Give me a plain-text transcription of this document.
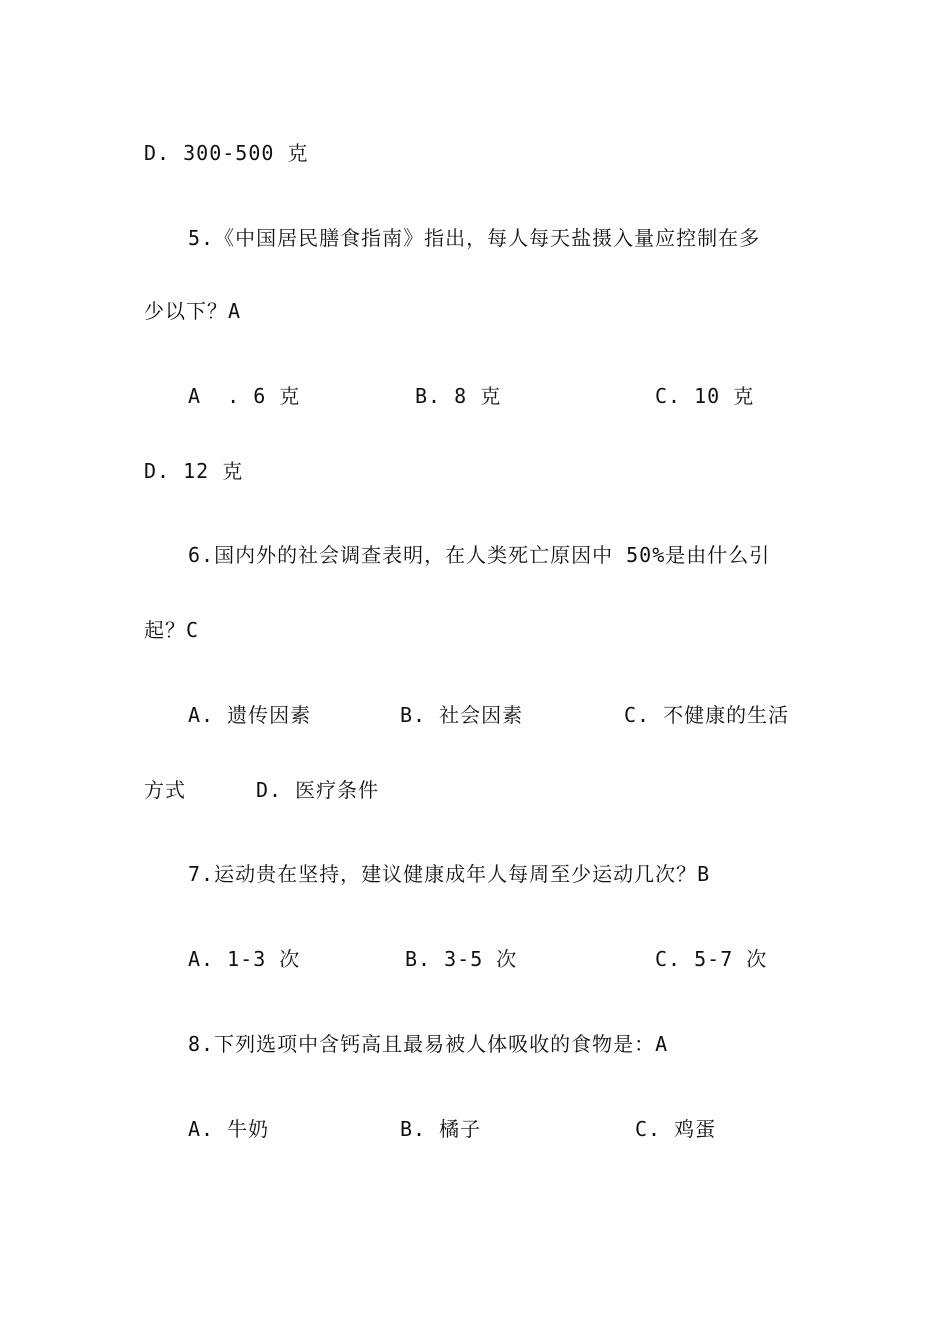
D. 300-500 克
5.《中国居民膳食指南》指出，每人每天盐摄入量应控制在多
少以下？A
A  . 6 克	B. 8 克	C. 10 克
D. 12 克
6.国内外的社会调查表明，在人类死亡原因中 50%是由什么引
起？C
A. 遗传因素	B. 社会因素	C. 不健康的生活
方式	D. 医疗条件
7.运动贵在坚持，建议健康成年人每周至少运动几次？B
A. 1-3 次	B. 3-5 次	C. 5-7 次
8.下列选项中含钙高且最易被人体吸收的食物是：A
A. 牛奶	B. 橘子	C. 鸡蛋
